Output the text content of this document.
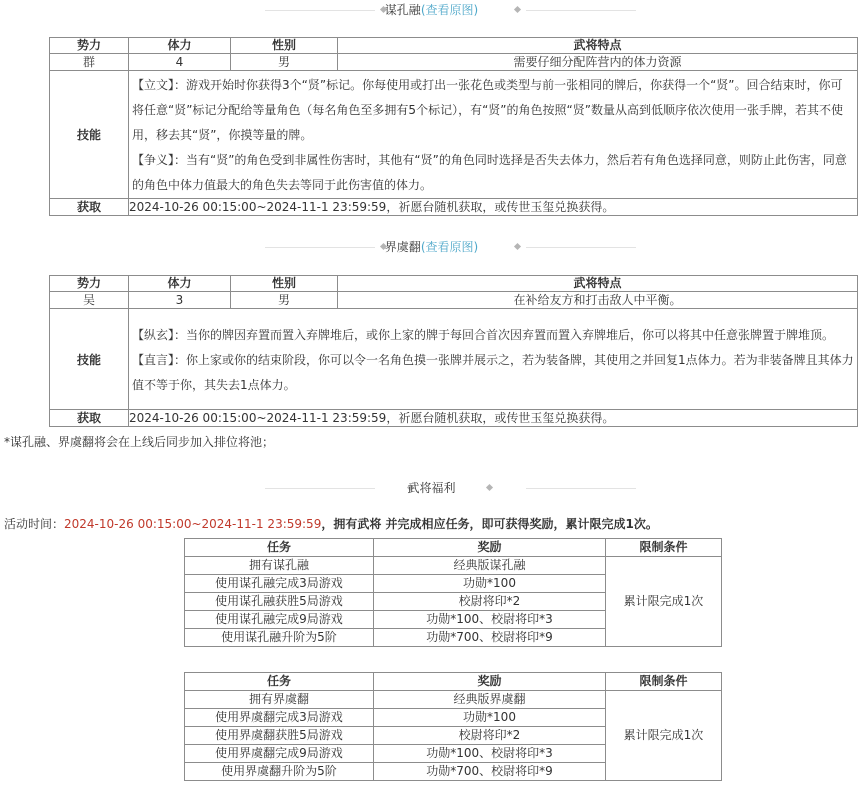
谋孔融(查看原图)
势力	体力	性别	武将特点
群	4	男	需要仔细分配阵营内的体力资源
技能	【立文】：游戏开始时你获得3个“贤”标记。你每使用或打出一张花色或类型与前一张相同的牌后，你获得一个“贤”。回合结束时，你可将任意“贤”标记分配给等量角色（每名角色至多拥有5个标记），有“贤”的角色按照“贤”数量从高到低顺序依次使用一张手牌，若其不使用，移去其“贤”，你摸等量的牌。

【争义】：当有“贤”的角色受到非属性伤害时，其他有“贤”的角色同时选择是否失去体力，然后若有角色选择同意，则防止此伤害，同意的角色中体力值最大的角色失去等同于此伤害值的体力。		

获取	2024-10-26 00:15:00~2024-11-1 23:59:59，祈愿台随机获取，或传世玉玺兑换获得。		
界虞翻(查看原图)
势力	体力	性别	武将特点
吴	3	男	在补给友方和打击敌人中平衡。
技能	【纵玄】：当你的牌因弃置而置入弃牌堆后，或你上家的牌于每回合首次因弃置而置入弃牌堆后，你可以将其中任意张牌置于牌堆顶。

【直言】：你上家或你的结束阶段，你可以令一名角色摸一张牌并展示之，若为装备牌，其使用之并回复1点体力。若为非装备牌且其体力值不等于你，其失去1点体力。		

获取	2024-10-26 00:15:00~2024-11-1 23:59:59，祈愿台随机获取，或传世玉玺兑换获得。		
*谋孔融、界虞翻将会在上线后同步加入排位将池；
武将福利
活动时间：2024-10-26 00:15:00~2024-11-1 23:59:59，拥有武将 并完成相应任务，即可获得奖励，累计限完成1次。
任务	奖励	限制条件
拥有谋孔融	经典版谋孔融	累计限完成1次
使用谋孔融完成3局游戏	功勋*100	
使用谋孔融获胜5局游戏	校尉将印*2	
使用谋孔融完成9局游戏	功勋*100、校尉将印*3	
使用谋孔融升阶为5阶	功勋*700、校尉将印*9	
任务	奖励	限制条件
拥有界虞翻	经典版界虞翻	累计限完成1次
使用界虞翻完成3局游戏	功勋*100	
使用界虞翻获胜5局游戏	校尉将印*2	
使用界虞翻完成9局游戏	功勋*100、校尉将印*3	
使用界虞翻升阶为5阶	功勋*700、校尉将印*9	
